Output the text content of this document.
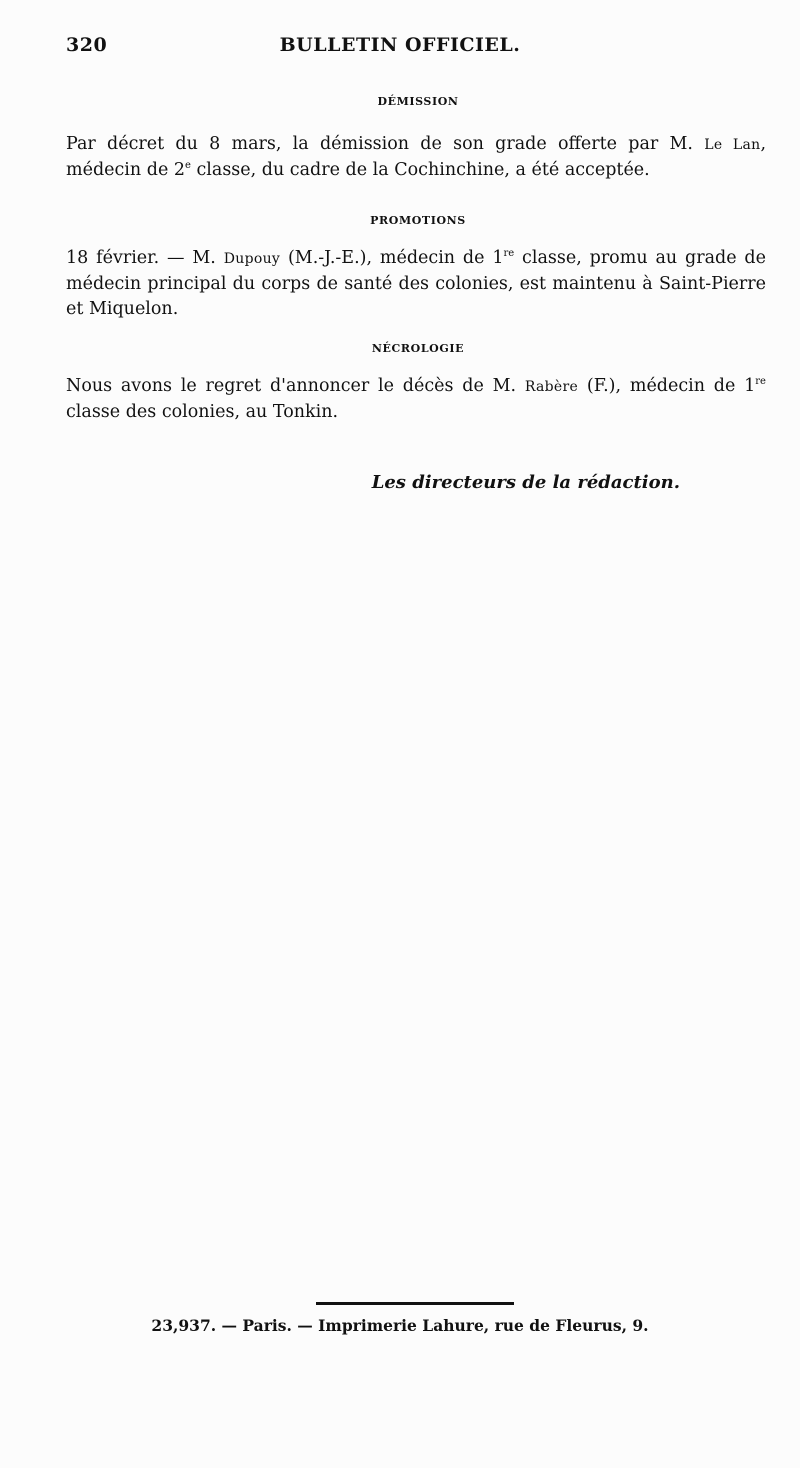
320	BULLETIN OFFICIEL.
DÉMISSION
Par décret du 8 mars, la démission de son grade offerte par M. Le Lan, médecin de 2e classe, du cadre de la Cochinchine, a été acceptée.
PROMOTIONS
18 février. — M. Dupouy (M.-J.-E.), médecin de 1re classe, promu au grade de médecin principal du corps de santé des colonies, est maintenu à Saint-Pierre et Miquelon.
NÉCROLOGIE
Nous avons le regret d'annoncer le décès de M. Rabère (F.), médecin de 1re classe des colonies, au Tonkin.
Les directeurs de la rédaction.
23,937. — Paris. — Imprimerie Lahure, rue de Fleurus, 9.
